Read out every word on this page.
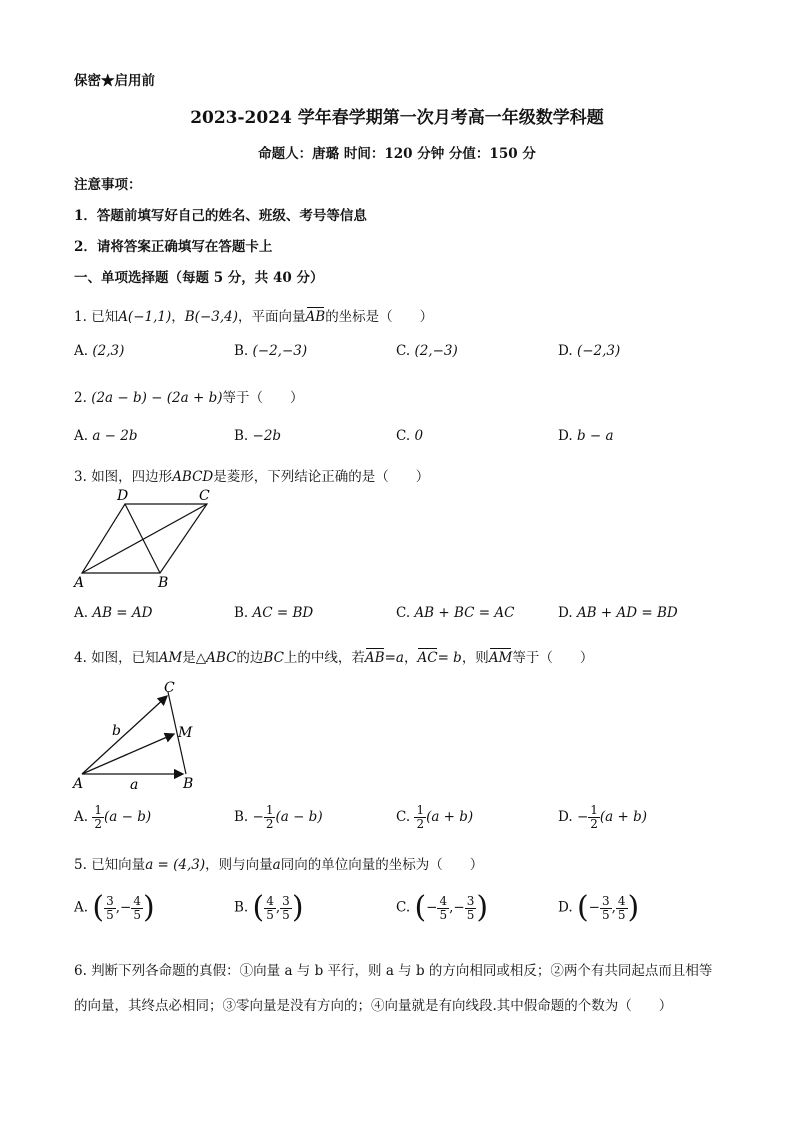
保密★启用前
2023-2024 学年春学期第一次月考高一年级数学科题
命题人：唐璐 时间：120 分钟 分值：150 分
注意事项：
1．答题前填写好自己的姓名、班级、考号等信息
2．请将答案正确填写在答题卡上
一、单项选择题（每题 5 分，共 40 分）
1. 已知A(−1,1)，B(−3,4)，平面向量AB的坐标是（　　）
A. (2,3)	B. (−2,−3)	C. (2,−3)	D. (−2,3)
2. (2a − b) − (2a + b)等于（　　）
A. a − 2b	B. −2b	C. 0	D. b − a
3. 如图，四边形ABCD是菱形，下列结论正确的是（　　）
A	B
C
D
A. AB = AD	B. AC = BD	C. AB + BC = AC	D. AB + AD = BD
4. 如图，已知AM是△ABC的边BC上的中线，若AB=a，AC= b，则AM等于（　　）
A	B
C
M
a
b
A. $\frac{1}{2} (a - b)$	B. − $\frac{1}{2} (a - b)$	C. $\frac{1}{2} (a + b)$	D. − $\frac{1}{2} (a + b)$
5. 已知向量a = (4,3)，则与向量a同向的单位向量的坐标为（　　）
A. ( $\frac{3}{5}$ ,− $\frac{4}{5}$ )	B. ( $\frac{4}{5}$ , $\frac{3}{5}$ )	C. (− $\frac{4}{5}$ ,− $\frac{3}{5}$ )	D. (− $\frac{3}{5}$ , $\frac{4}{5}$ )
6. 判断下列各命题的真假：①向量 a 与 b 平行，则 a 与 b 的方向相同或相反；②两个有共同起点而且相等
的向量，其终点必相同；③零向量是没有方向的；④向量就是有向线段.其中假命题的个数为（　　）
